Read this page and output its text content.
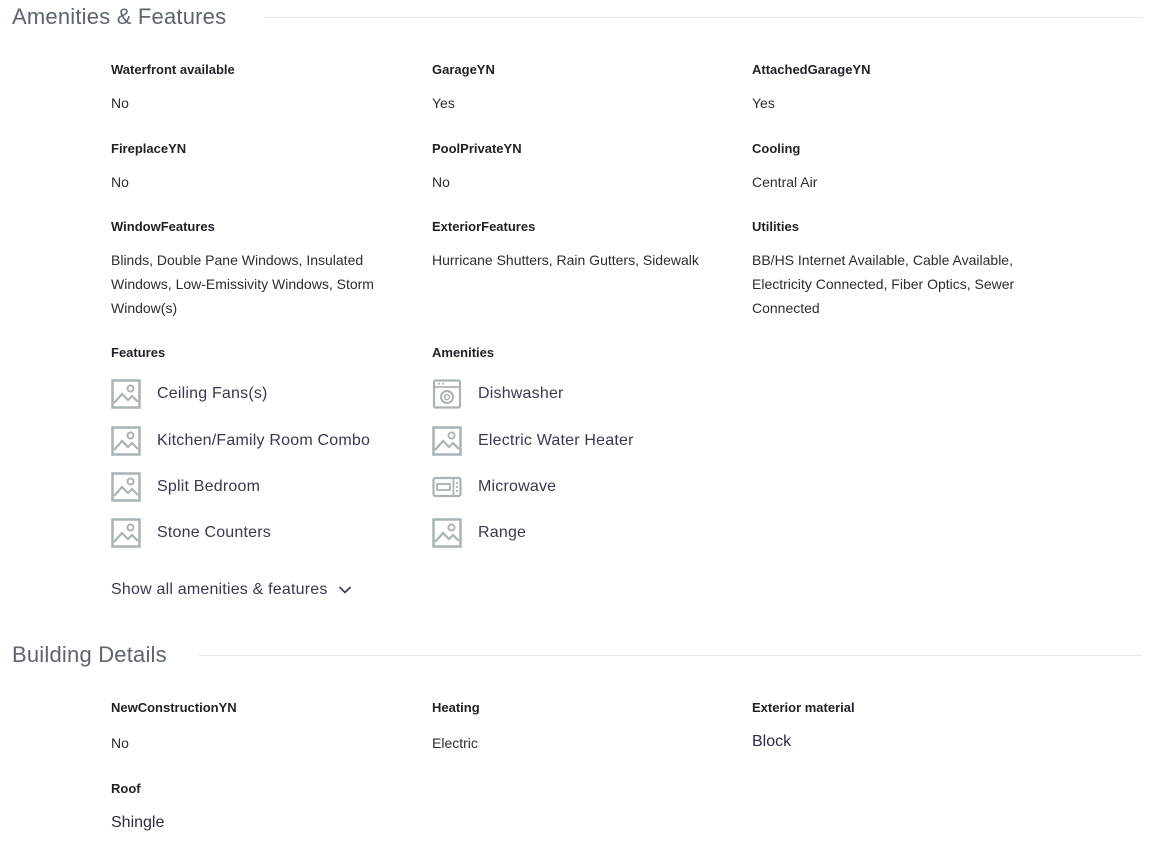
Amenities & Features
Waterfront available
No
GarageYN
Yes
AttachedGarageYN
Yes
FireplaceYN
No
PoolPrivateYN
No
Cooling
Central Air
WindowFeatures
Blinds, Double Pane Windows, Insulated Windows, Low-Emissivity Windows, Storm Window(s)
ExteriorFeatures
Hurricane Shutters, Rain Gutters, Sidewalk
Utilities
BB/HS Internet Available, Cable Available, Electricity Connected, Fiber Optics, Sewer Connected
Features
Ceiling Fans(s)
Kitchen/Family Room Combo
Split Bedroom
Stone Counters
Amenities
Dishwasher
Electric Water Heater
Microwave
Range
Show all amenities & features
Building Details
NewConstructionYN
No
Heating
Electric
Exterior material
Block
Roof
Shingle
